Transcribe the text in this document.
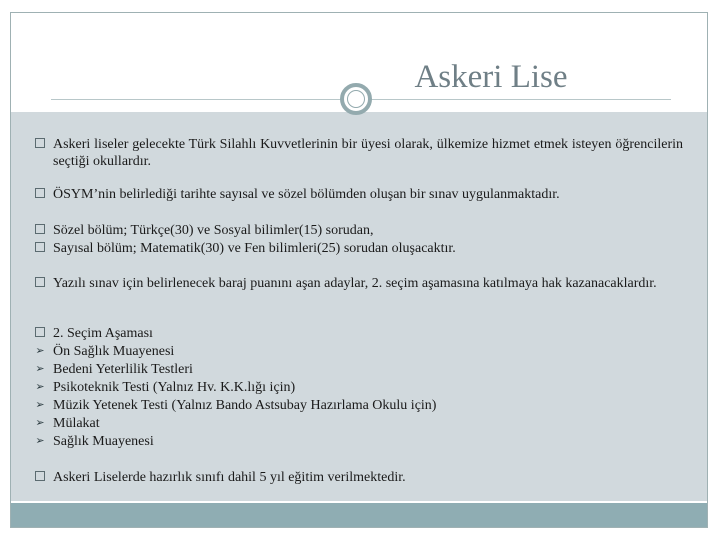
Askeri Lise
Askeri liseler gelecekte Türk Silahlı Kuvvetlerinin bir üyesi olarak, ülkemize hizmet etmek isteyen öğrencilerin seçtiği okullardır.
ÖSYM’nin belirlediği tarihte sayısal ve sözel bölümden oluşan bir sınav uygulanmaktadır.
Sözel bölüm; Türkçe(30) ve Sosyal bilimler(15) sorudan,
Sayısal bölüm; Matematik(30) ve Fen bilimleri(25) sorudan oluşacaktır.
Yazılı sınav için belirlenecek baraj puanını aşan adaylar, 2. seçim aşamasına katılmaya hak kazanacaklardır.
2. Seçim Aşaması
➢ Ön Sağlık Muayenesi
➢ Bedeni Yeterlilik Testleri
➢ Psikoteknik Testi (Yalnız Hv. K.K.lığı için)
➢ Müzik Yetenek Testi (Yalnız Bando Astsubay Hazırlama Okulu için)
➢ Mülakat
➢ Sağlık Muayenesi
Askeri Liselerde hazırlık sınıfı dahil 5 yıl eğitim verilmektedir.
